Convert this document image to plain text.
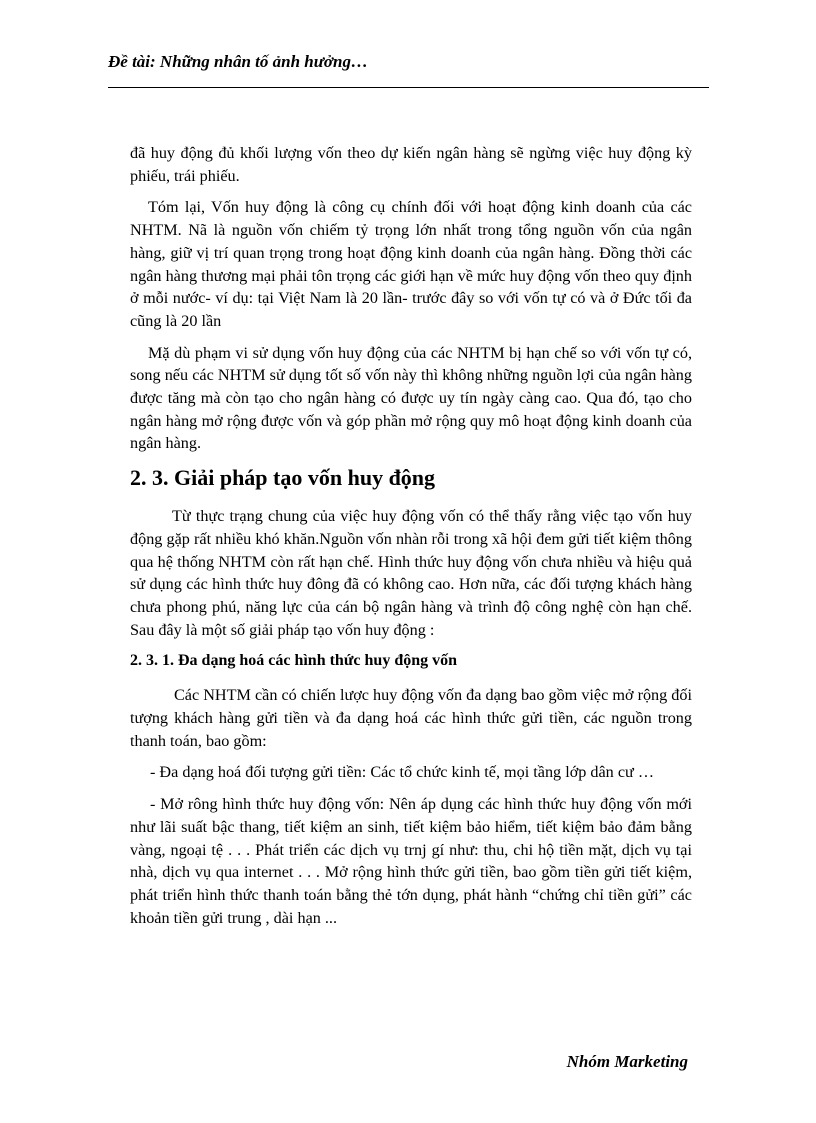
Đề tài: Những nhân tố ảnh hưởng…

đã huy động đủ khối lượng vốn theo dự kiến ngân hàng sẽ ngừng việc huy động kỳ phiếu, trái phiếu.

Tóm lại, Vốn huy động là công cụ chính đối với hoạt động kinh doanh của các NHTM. Nã là nguồn vốn chiếm tỷ trọng lớn nhất trong tổng nguồn vốn của ngân hàng, giữ vị trí quan trọng trong hoạt động kinh doanh của ngân hàng. Đồng thời các ngân hàng thương mại phải tôn trọng các giới hạn về mức huy động vốn theo quy định ở mỗi nước- ví dụ: tại Việt Nam là 20 lần- trước đây so với vốn tự có và ở Đức tối đa cũng là 20 lần

Mặ dù phạm vi sử dụng vốn huy động của các NHTM bị hạn chế so với vốn tự có, song nếu các NHTM sử dụng tốt số vốn này thì không những nguồn lợi của ngân hàng được tăng mà còn tạo cho ngân hàng có được uy tín ngày càng cao. Qua đó, tạo cho ngân hàng mở rộng được vốn và góp phần mở rộng quy mô hoạt động kinh doanh của ngân hàng.

2. 3. Giải pháp tạo vốn huy động

Từ thực trạng chung của việc huy động vốn có thể thấy rằng việc tạo vốn huy động gặp rất nhiều khó khăn.Nguồn vốn nhàn rỗi trong xã hội đem gửi tiết kiệm thông qua hệ thống NHTM còn rất hạn chế. Hình thức huy động vốn chưa nhiều và hiệu quả sử dụng các hình thức huy đông đã có không cao. Hơn nữa, các đối tượng khách hàng chưa phong phú, năng lực của cán bộ ngân hàng và trình độ công nghệ còn hạn chế. Sau đây là một số giải pháp tạo vốn huy động :

2. 3. 1. Đa dạng hoá các hình thức huy động vốn

Các NHTM cần có chiến lược huy động vốn đa dạng bao gồm việc mở rộng đối tượng khách hàng gửi tiền và đa dạng hoá các hình thức gửi tiền, các nguồn trong thanh toán, bao gồm:

- Đa dạng hoá đối tượng gửi tiền: Các tổ chức kinh tế, mọi tầng lớp dân cư …

- Mở rông hình thức huy động vốn: Nên áp dụng các hình thức huy động vốn mới như lãi suất bậc thang, tiết kiệm an sinh, tiết kiệm bảo hiểm, tiết kiệm bảo đảm bằng vàng, ngoại tệ . . . Phát triển các dịch vụ trnj gí như: thu, chi hộ tiền mặt, dịch vụ tại nhà, dịch vụ qua internet . . . Mở rộng hình thức gửi tiền, bao gồm tiền gửi tiết kiệm, phát triển hình thức thanh toán bằng thẻ tớn dụng, phát hành “chứng chỉ tiền gửi” các khoản tiền gửi trung , dài hạn ...

Nhóm Marketing
